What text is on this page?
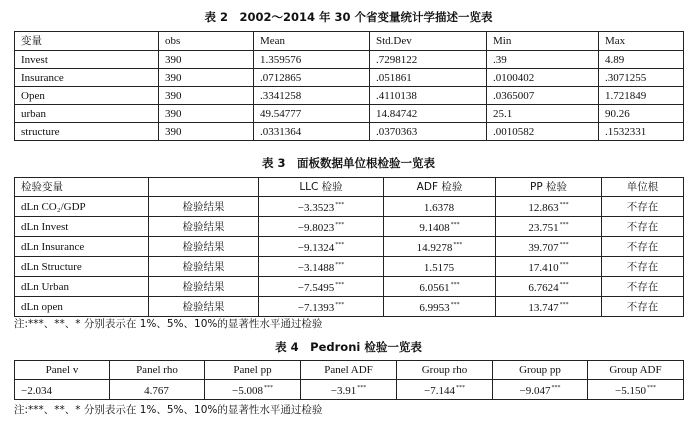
表 2　2002～2014 年 30 个省变量统计学描述一览表
变量	obs	Mean	Std.Dev	Min	Max
Invest	390	1.359576	.7298122	.39	4.89
Insurance	390	.0712865	.051861	.0100402	.3071255
Open	390	.3341258	.4110138	.0365007	1.721849
urban	390	49.54777	14.84742	25.1	90.26
structure	390	.0331364	.0370363	.0010582	.1532331
表 3　面板数据单位根检验一览表
检验变量		LLC 检验	ADF 检验	PP 检验	单位根
dLn CO₂/GDP	检验结果	−3.3523***	1.6378	12.863***	不存在
dLn Invest	检验结果	−9.8023***	9.1408***	23.751***	不存在
dLn Insurance	检验结果	−9.1324***	14.9278***	39.707***	不存在
dLn Structure	检验结果	−3.1488***	1.5175	17.410***	不存在
dLn Urban	检验结果	−7.5495***	6.0561***	6.7624***	不存在
dLn open	检验结果	−7.1393***	6.9953***	13.747***	不存在
注:***、**、* 分别表示在 1%、5%、10%的显著性水平通过检验
表 4　Pedroni 检验一览表
Panel v	Panel rho	Panel pp	Panel ADF	Group rho	Group pp	Group ADF
−2.034	4.767	−5.008***	−3.91***	−7.144***	−9.047***	−5.150***
注:***、**、* 分别表示在 1%、5%、10%的显著性水平通过检验
